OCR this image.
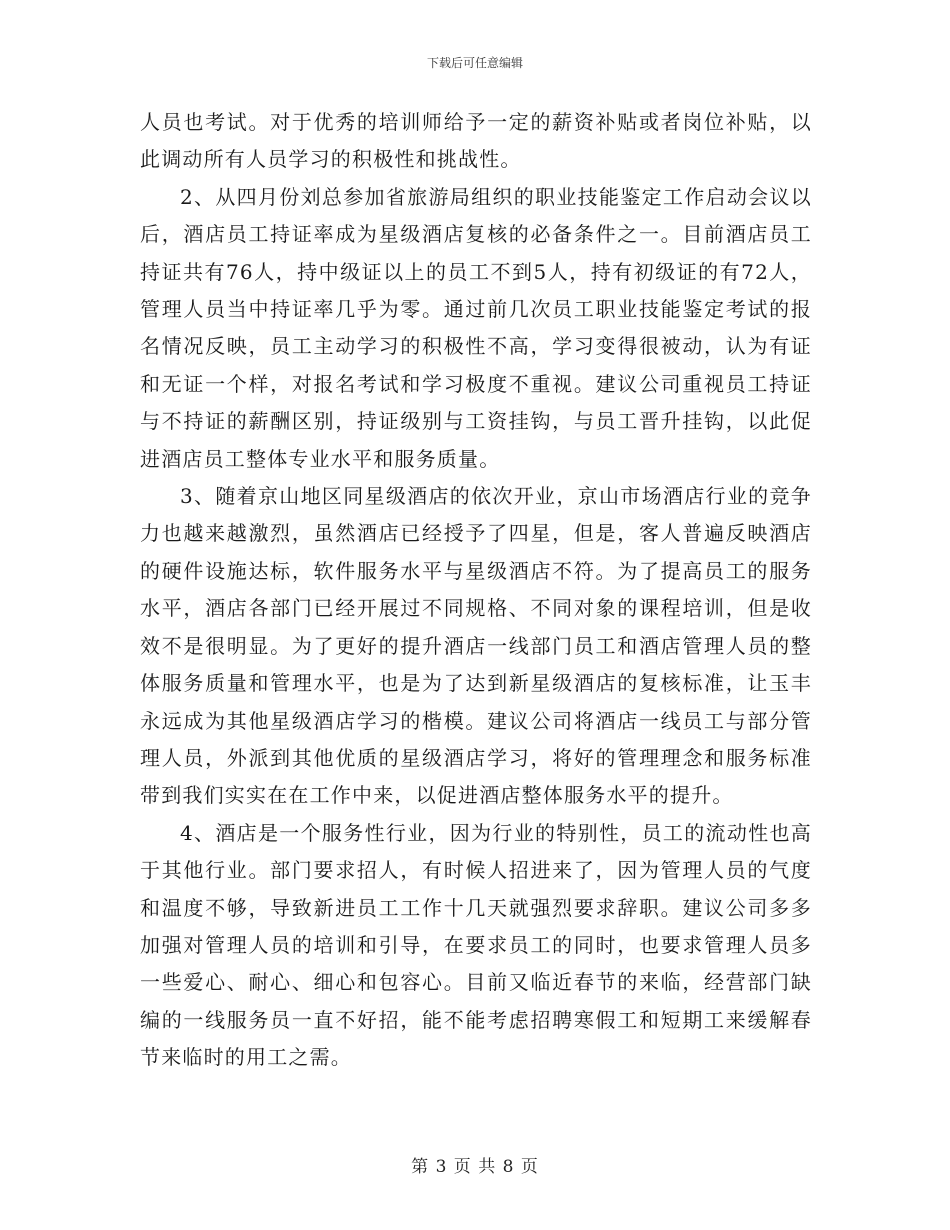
下载后可任意编辑

人员也考试。对于优秀的培训师给予一定的薪资补贴或者岗位补贴，以此调动所有人员学习的积极性和挑战性。

2、从四月份刘总参加省旅游局组织的职业技能鉴定工作启动会议以后，酒店员工持证率成为星级酒店复核的必备条件之一。目前酒店员工持证共有76人，持中级证以上的员工不到5人，持有初级证的有72人，管理人员当中持证率几乎为零。通过前几次员工职业技能鉴定考试的报名情况反映，员工主动学习的积极性不高，学习变得很被动，认为有证和无证一个样，对报名考试和学习极度不重视。建议公司重视员工持证与不持证的薪酬区别，持证级别与工资挂钩，与员工晋升挂钩，以此促进酒店员工整体专业水平和服务质量。

3、随着京山地区同星级酒店的依次开业，京山市场酒店行业的竞争力也越来越激烈，虽然酒店已经授予了四星，但是，客人普遍反映酒店的硬件设施达标，软件服务水平与星级酒店不符。为了提高员工的服务水平，酒店各部门已经开展过不同规格、不同对象的课程培训，但是收效不是很明显。为了更好的提升酒店一线部门员工和酒店管理人员的整体服务质量和管理水平，也是为了达到新星级酒店的复核标准，让玉丰永远成为其他星级酒店学习的楷模。建议公司将酒店一线员工与部分管理人员，外派到其他优质的星级酒店学习，将好的管理理念和服务标准带到我们实实在在工作中来，以促进酒店整体服务水平的提升。

4、酒店是一个服务性行业，因为行业的特别性，员工的流动性也高于其他行业。部门要求招人，有时候人招进来了，因为管理人员的气度和温度不够，导致新进员工工作十几天就强烈要求辞职。建议公司多多加强对管理人员的培训和引导，在要求员工的同时，也要求管理人员多一些爱心、耐心、细心和包容心。目前又临近春节的来临，经营部门缺编的一线服务员一直不好招，能不能考虑招聘寒假工和短期工来缓解春节来临时的用工之需。

第 3 页 共 8 页
